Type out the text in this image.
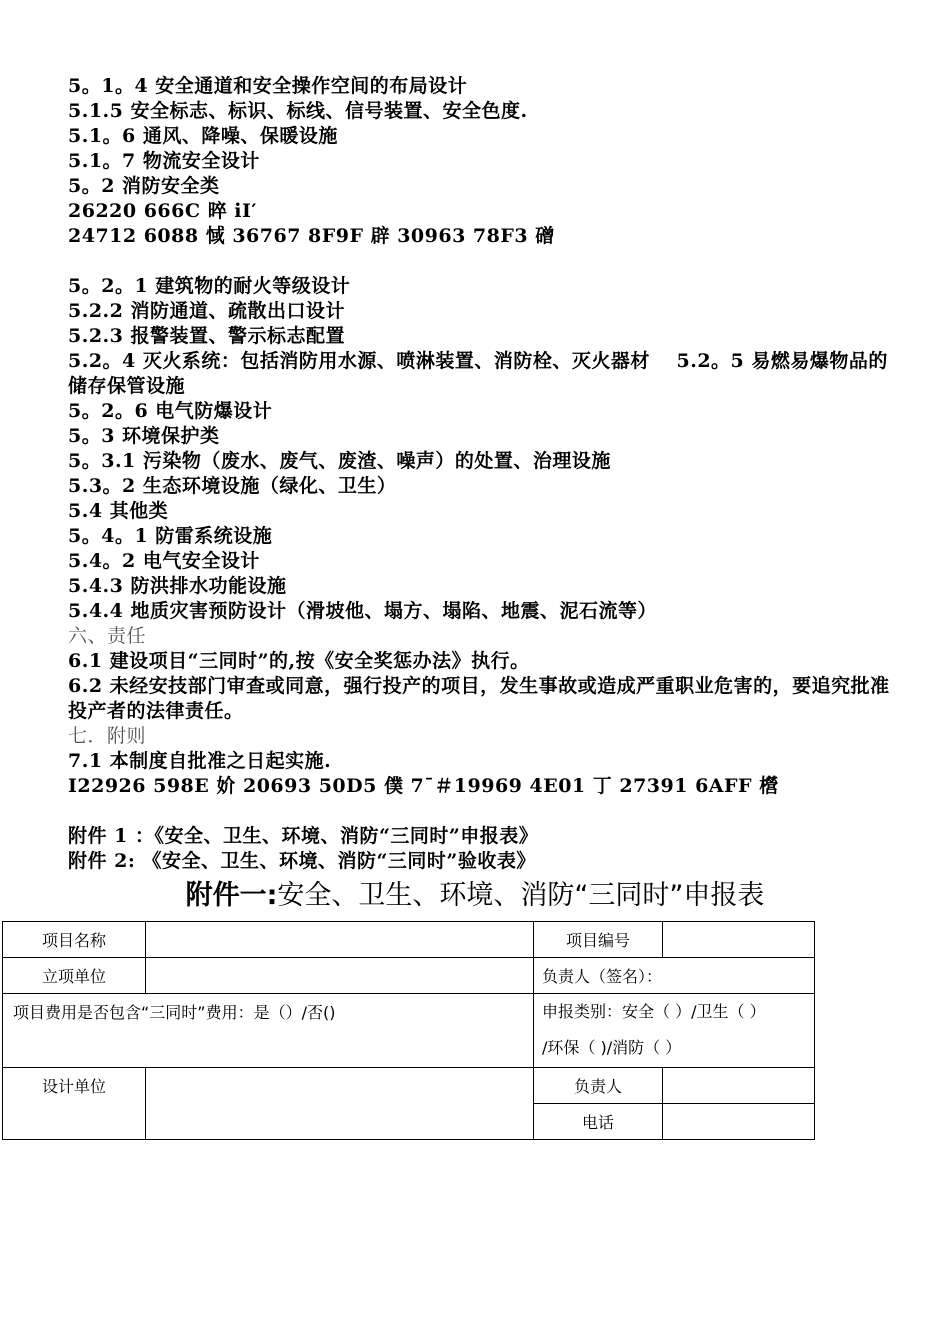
5。1。4 安全通道和安全操作空间的布局设计
5.1.5 安全标志、标识、标线、信号装置、安全色度.
5.1。6 通风、降噪、保暖设施
5.1。7 物流安全设计
5。2 消防安全类
26220 666C 晬 iI′
24712 6088 惐 36767 8F9F 辟 30963 78F3 磳
5。2。1 建筑物的耐火等级设计
5.2.2 消防通道、疏散出口设计
5.2.3 报警装置、警示标志配置
5.2。4 灭火系统：包括消防用水源、喷淋装置、消防栓、灭火器材　 5.2。5 易燃易爆物品的储存保管设施
5。2。6 电气防爆设计
5。3 环境保护类
5。3.1 污染物（废水、废气、废渣、噪声）的处置、治理设施
5.3。2 生态环境设施（绿化、卫生）
5.4 其他类
5。4。1 防雷系统设施
5.4。2 电气安全设计
5.4.3 防洪排水功能设施
5.4.4 地质灾害预防设计（滑坡他、塌方、塌陷、地震、泥石流等）
六、责任
6.1 建设项目“三同时”的,按《安全奖惩办法》执行。
6.2 未经安技部门审查或同意，强行投产的项目，发生事故或造成严重职业危害的，要追究批准投产者的法律责任。
七．附则
7.1 本制度自批准之日起实施.
I22926 598E 妎 20693 50D5 僕 7¯＃19969 4E01 丁 27391 6AFF 櫿
附件 1 ：《安全、卫生、环境、消防“三同时”申报表》
附件 2: 《安全、卫生、环境、消防“三同时”验收表》
附件一:安全、卫生、环境、消防“三同时”申报表
项目名称		项目编号	
立项单位		负责人（签名）：	
项目费用是否包含“三同时”费用：是（）/否()		申报类别：安全（ ）/卫生（ ）
/环保（ )/消防（ ）	

设计单位		负责人	
		电话	
